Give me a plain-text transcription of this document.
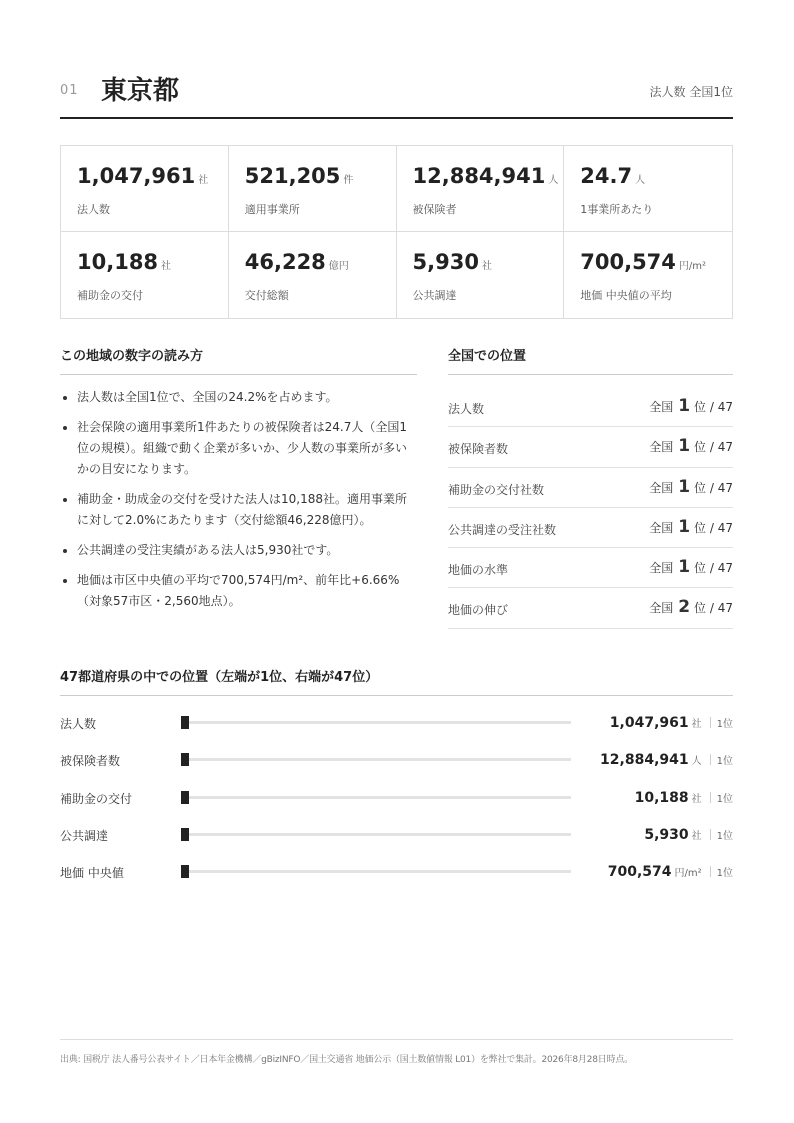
01 東京都	法人数 全国1位
1,047,961 社
法人数
521,205 件
適用事業所
12,884,941 人
被保険者
24.7 人
1事業所あたり
10,188 社
補助金の交付
46,228 億円
交付総額
5,930 社
公共調達
700,574 円/m²
地価 中央値の平均
この地域の数字の読み方
法人数は全国1位で、全国の24.2%を占めます。
社会保険の適用事業所1件あたりの被保険者は24.7人（全国1位の規模）。組織で動く企業が多いか、少人数の事業所が多いかの目安になります。
補助金・助成金の交付を受けた法人は10,188社。適用事業所に対して2.0%にあたります（交付総額46,228億円）。
公共調達の受注実績がある法人は5,930社です。
地価は市区中央値の平均で700,574円/m²、前年比+6.66%（対象57市区・2,560地点）。
全国での位置
法人数	全国 1 位 / 47
被保険者数	全国 1 位 / 47
補助金の交付社数	全国 1 位 / 47
公共調達の受注社数	全国 1 位 / 47
地価の水準	全国 1 位 / 47
地価の伸び	全国 2 位 / 47
47都道府県の中での位置（左端が1位、右端が47位）
法人数	1,047,961 社 1位
被保険者数	12,884,941 人 1位
補助金の交付	10,188 社 1位
公共調達	5,930 社 1位
地価 中央値	700,574 円/m² 1位
出典: 国税庁 法人番号公表サイト／日本年金機構／gBizINFO／国土交通省 地価公示（国土数値情報 L01）を弊社で集計。2026年8月28日時点。
